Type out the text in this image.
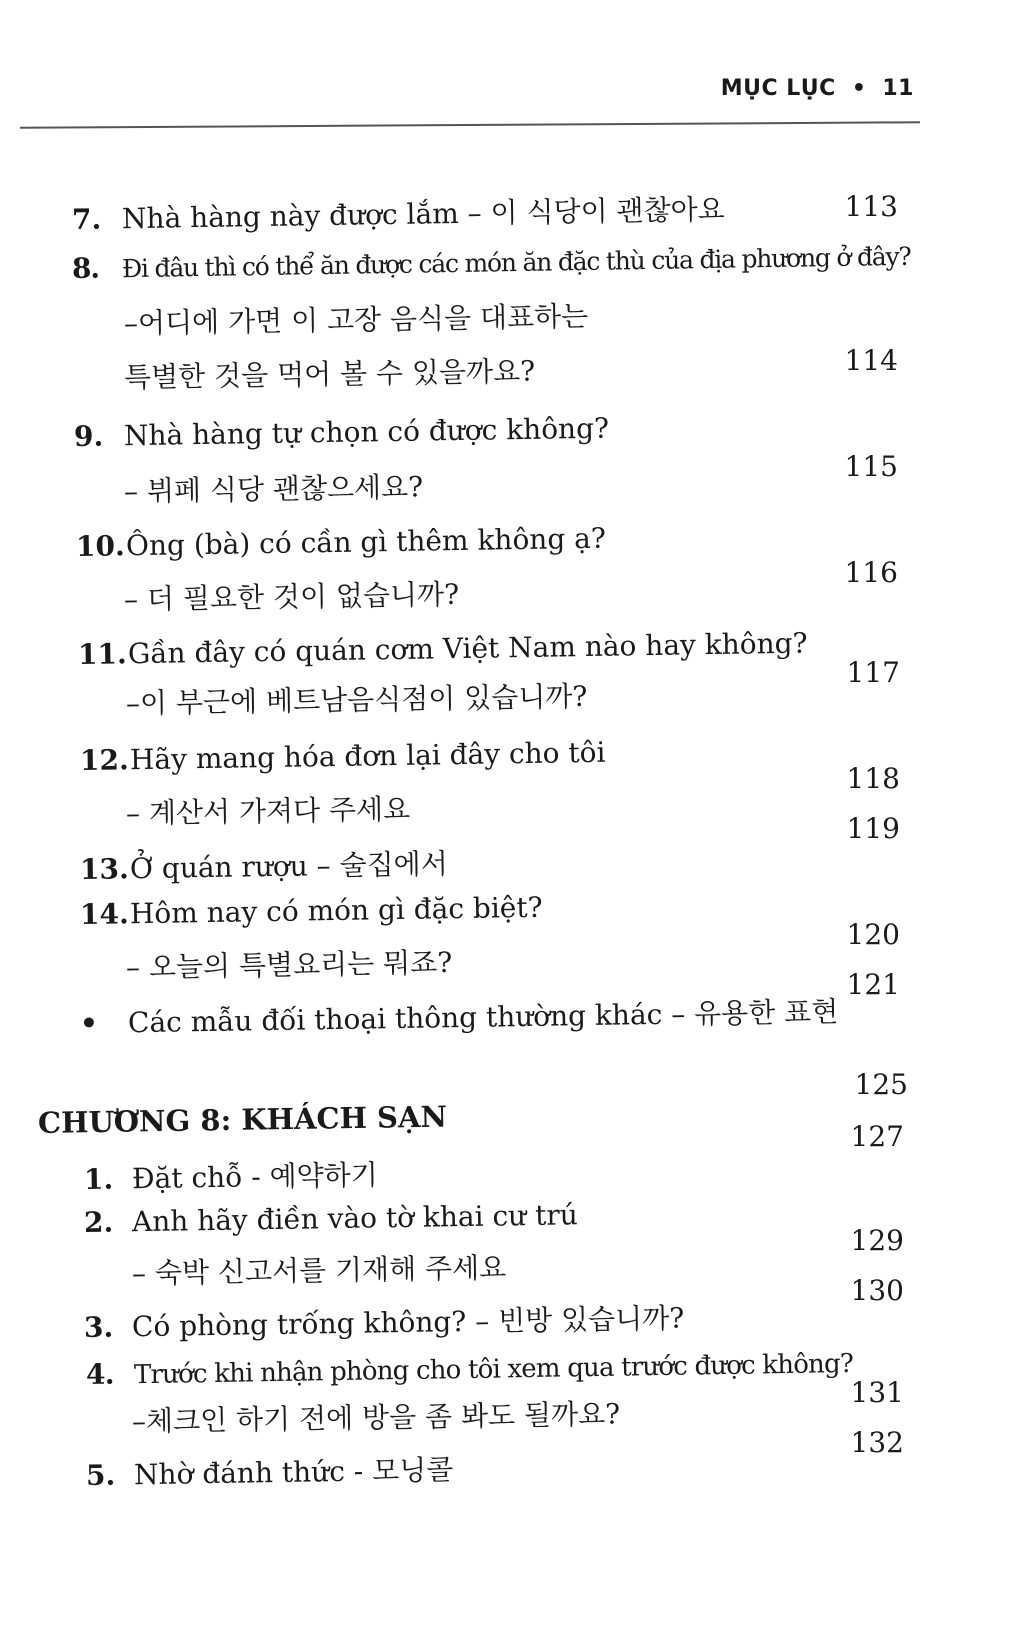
MỤC LỤC • 11
7. Nhà hàng này được lắm – 이 식당이 괜찮아요	113
8. Đi đâu thì có thể ăn được các món ăn đặc thù của địa phương ở đây?
–어디에 가면 이 고장 음식을 대표하는
특별한 것을 먹어 볼 수 있을까요?	114
9. Nhà hàng tự chọn có được không?
– 뷔페 식당 괜찮으세요?
115
10.Ông (bà) có cần gì thêm không ạ?
– 더 필요한 것이 없습니까?
116
11.Gần đây có quán cơm Việt Nam nào hay không?
–이 부근에 베트남음식점이 있습니까?
117
12.Hãy mang hóa đơn lại đây cho tôi
– 계산서 가져다 주세요
118
13.Ở quán rượu – 술집에서
119
14.Hôm nay có món gì đặc biệt?
– 오늘의 특별요리는 뭐죠?
120
• Các mẫu đối thoại thông thường khác – 유용한 표현
121
CHƯƠNG 8: KHÁCH SẠN
125
1. Đặt chỗ - 예약하기
127
2. Anh hãy điền vào tờ khai cư trú
– 숙박 신고서를 기재해 주세요
129
3. Có phòng trống không? – 빈방 있습니까?
130
4. Trước khi nhận phòng cho tôi xem qua trước được không?
–체크인 하기 전에 방을 좀 봐도 될까요?
131
5. Nhờ đánh thức - 모닝콜
132
